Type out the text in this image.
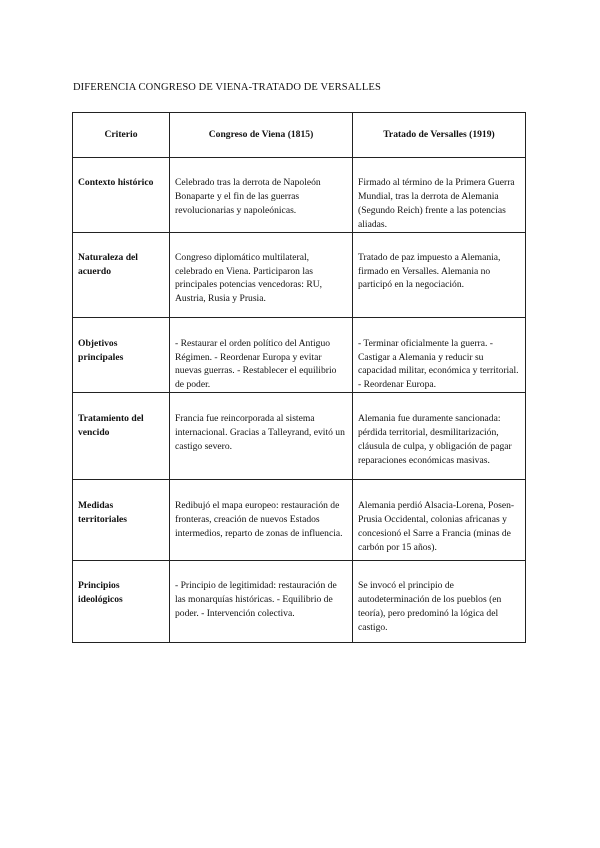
DIFERENCIA CONGRESO DE VIENA-TRATADO DE VERSALLES
Criterio	Congreso de Viena (1815)	Tratado de Versalles (1919)
Contexto histórico	Celebrado tras la derrota de Napoleón Bonaparte y el fin de las guerras revolucionarias y napoleónicas.	Firmado al término de la Primera Guerra Mundial, tras la derrota de Alemania (Segundo Reich) frente a las potencias aliadas.
Naturaleza del acuerdo	Congreso diplomático multilateral, celebrado en Viena. Participaron las principales potencias vencedoras: RU, Austria, Rusia y Prusia.	Tratado de paz impuesto a Alemania, firmado en Versalles. Alemania no participó en la negociación.
Objetivos principales	- Restaurar el orden político del Antiguo Régimen. - Reordenar Europa y evitar nuevas guerras. - Restablecer el equilibrio de poder.	- Terminar oficialmente la guerra. - Castigar a Alemania y reducir su capacidad militar, económica y territorial. - Reordenar Europa.
Tratamiento del vencido	Francia fue reincorporada al sistema internacional. Gracias a Talleyrand, evitó un castigo severo.	Alemania fue duramente sancionada: pérdida territorial, desmilitarización, cláusula de culpa, y obligación de pagar reparaciones económicas masivas.
Medidas territoriales	Redibujó el mapa europeo: restauración de fronteras, creación de nuevos Estados intermedios, reparto de zonas de influencia.	Alemania perdió Alsacia-Lorena, Posen-Prusia Occidental, colonias africanas y concesionó el Sarre a Francia (minas de carbón por 15 años).
Principios ideológicos	- Principio de legitimidad: restauración de las monarquías históricas. - Equilibrio de poder. - Intervención colectiva.	Se invocó el principio de autodeterminación de los pueblos (en teoría), pero predominó la lógica del castigo.
